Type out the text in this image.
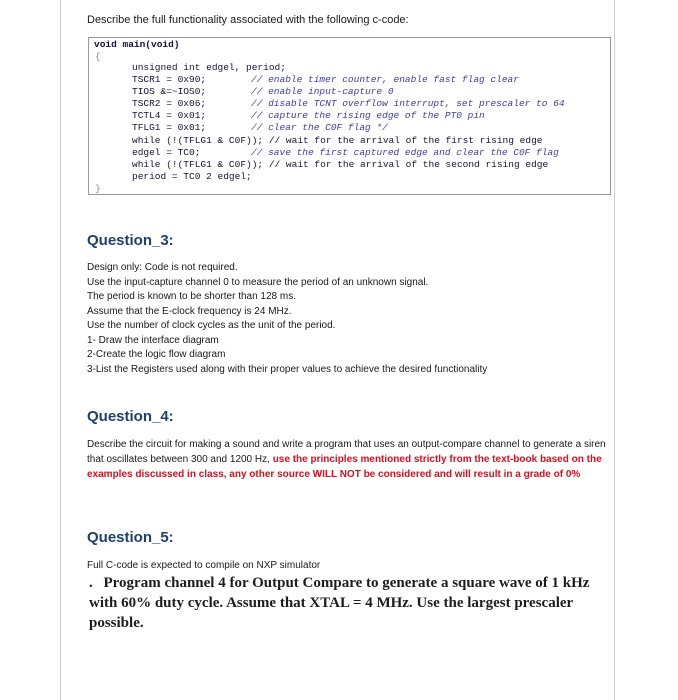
Describe the full functionality associated with the following c-code:
void main(void)
{
unsigned int edgel, period;
TSCR1 = 0x90;	// enable timer counter, enable fast flag clear
TIOS &=~IOS0;	// enable input-capture 0
TSCR2 = 0x06;	// disable TCNT overflow interrupt, set prescaler to 64
TCTL4 = 0x01;	// capture the rising edge of the PT0 pin
TFLG1 = 0x01;	// clear the C0F flag */
while (!(TFLG1 & C0F)); // wait for the arrival of the first rising edge
edgel = TC0;	// save the first captured edge and clear the C0F flag
while (!(TFLG1 & C0F)); // wait for the arrival of the second rising edge
period = TC0 2 edgel;
}
Question_3:

Design only: Code is not required.

Use the input-capture channel 0 to measure the period of an unknown signal.

The period is known to be shorter than 128 ms.

Assume that the E-clock frequency is 24 MHz.

Use the number of clock cycles as the unit of the period.

1- Draw the interface diagram

2-Create the logic flow diagram

3-List the Registers used along with their proper values to achieve the desired functionality

Question_4:
Describe the circuit for making a sound and write a program that uses an output-compare channel to generate a siren that oscillates between 300 and 1200 Hz, use the principles mentioned strictly from the text-book based on the examples discussed in class, any other source WILL NOT be considered and will result in a grade of 0%
Question_5:
Full C-code is expected to compile on NXP simulator

. Program channel 4 for Output Compare to generate a square wave of 1 kHz with 60% duty cycle. Assume that XTAL = 4 MHz. Use the largest prescaler possible.
